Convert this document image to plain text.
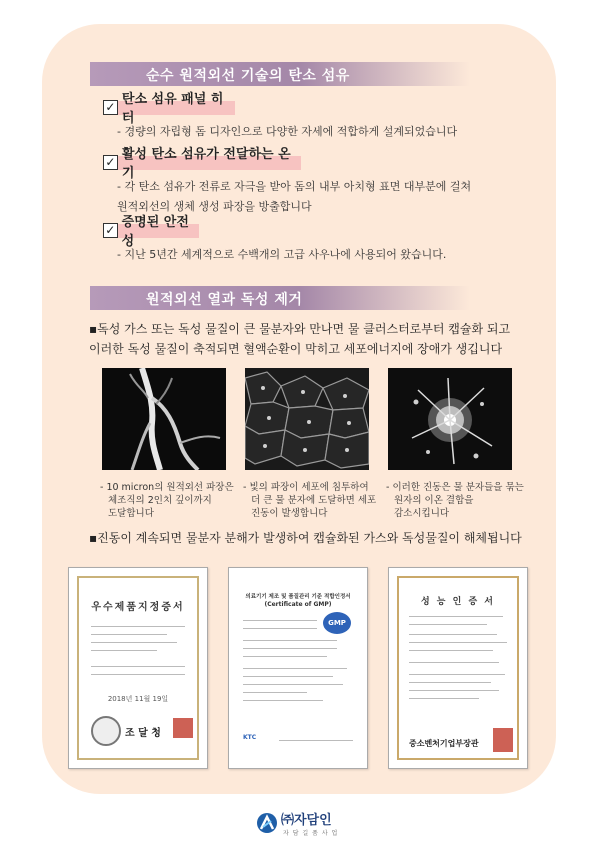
순수 원적외선 기술의 탄소 섬유
✓ 탄소 섬유 패널 히터
- 경량의 자립형 돔 디자인으로 다양한 자세에 적합하게 설계되었습니다
✓ 활성 탄소 섬유가 전달하는 온기
- 각 탄소 섬유가 전류로 자극을 받아 돔의 내부 아치형 표면 대부분에 걸쳐
원적외선의 생체 생성 파장을 방출합니다
✓ 증명된 안전성
- 지난 5년간 세계적으로 수백개의 고급 사우나에 사용되어 왔습니다.
원적외선 열과 독성 제거
▪독성 가스 또는 독성 물질이 큰 물분자와 만나면 물 클러스터로부터 캡슐화 되고
이러한 독성 물질이 축적되면 혈액순환이 막히고 세포에너지에 장애가 생깁니다
- 10 micron의 원적외선 파장은
체조직의 2인치 깊이까지
도달합니다
- 빛의 파장이 세포에 침투하여
더 큰 물 분자에 도달하면 세포
진동이 발생합니다
- 이러한 진동은 물 분자들을 묶는
원자의 이온 결합을
감소시킵니다
▪진동이 계속되면 물분자 분해가 발생하여 캡슐화된 가스와 독성물질이 해체됩니다
우수제품지정증서
2018년 11월 19일
조 달 청
의료기기 제조 및 품질관리 기준 적합인정서
(Certificate of GMP)
GMP
KTC
성 능 인 증 서
중소벤처기업부장관
㈜자담인
자 담 길 품 사 업
